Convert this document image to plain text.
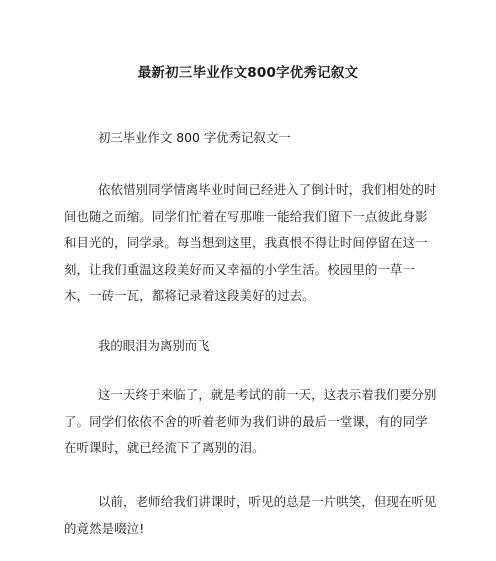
最新初三毕业作文800字优秀记叙文
初三毕业作文 800 字优秀记叙文一

依依惜别同学情离毕业时间已经进入了倒计时，我们相处的时间也随之而缩。同学们忙着在写那唯一能给我们留下一点彼此身影和目光的，同学录。每当想到这里，我真恨不得让时间停留在这一刻，让我们重温这段美好而又幸福的小学生活。校园里的一草一木，一砖一瓦，都将记录着这段美好的过去。

我的眼泪为离别而飞

这一天终于来临了，就是考试的前一天，这表示着我们要分别了。同学们依依不舍的听着老师为我们讲的最后一堂课，有的同学在听课时，就已经流下了离别的泪。

以前，老师给我们讲课时，听见的总是一片哄笑，但现在听见的竟然是啜泣!
